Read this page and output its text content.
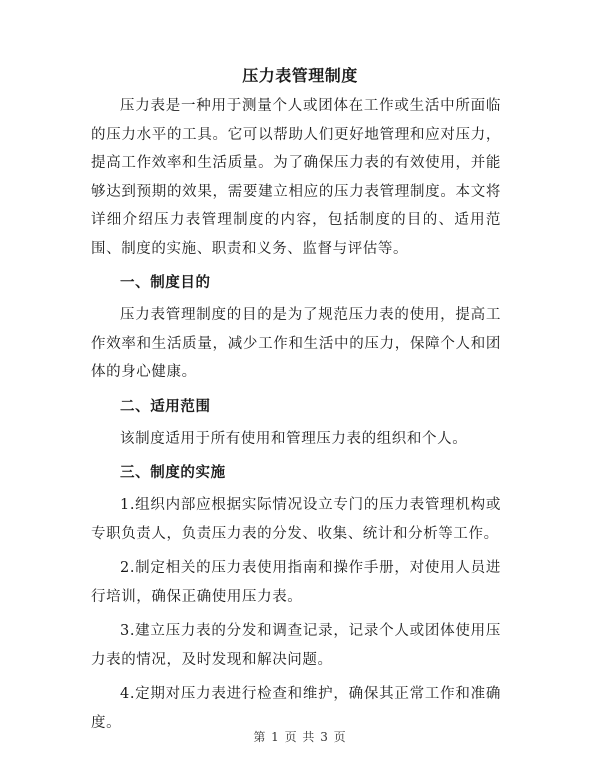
压力表管理制度

压力表是一种用于测量个人或团体在工作或生活中所面临的压力水平的工具。它可以帮助人们更好地管理和应对压力，提高工作效率和生活质量。为了确保压力表的有效使用，并能够达到预期的效果，需要建立相应的压力表管理制度。本文将详细介绍压力表管理制度的内容，包括制度的目的、适用范围、制度的实施、职责和义务、监督与评估等。

一、制度目的

压力表管理制度的目的是为了规范压力表的使用，提高工作效率和生活质量，减少工作和生活中的压力，保障个人和团体的身心健康。

二、适用范围

该制度适用于所有使用和管理压力表的组织和个人。

三、制度的实施

1.组织内部应根据实际情况设立专门的压力表管理机构或专职负责人，负责压力表的分发、收集、统计和分析等工作。

2.制定相关的压力表使用指南和操作手册，对使用人员进行培训，确保正确使用压力表。

3.建立压力表的分发和调查记录，记录个人或团体使用压力表的情况，及时发现和解决问题。

4.定期对压力表进行检查和维护，确保其正常工作和准确度。

第 1 页 共 3 页
